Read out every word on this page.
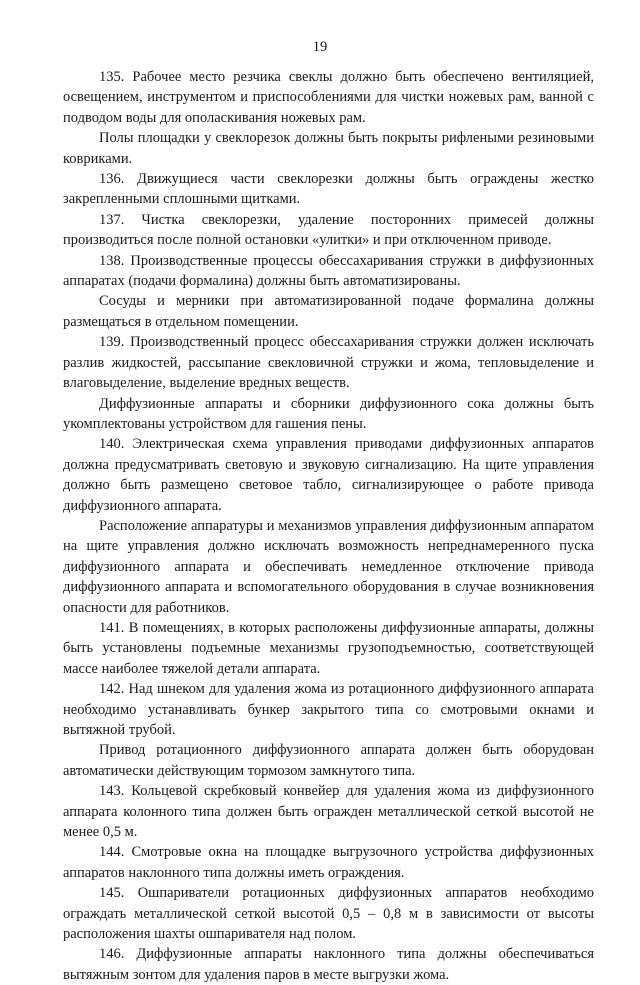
19

135. Рабочее место резчика свеклы должно быть обеспечено вентиляцией, освещением, инструментом и приспособлениями для чистки ножевых рам, ванной с подводом воды для ополаскивания ножевых рам.

Полы площадки у свеклорезок должны быть покрыты рифлеными резиновыми ковриками.

136. Движущиеся части свеклорезки должны быть ограждены жестко закрепленными сплошными щитками.

137. Чистка свеклорезки, удаление посторонних примесей должны производиться после полной остановки «улитки» и при отключенном приводе.

138. Производственные процессы обессахаривания стружки в диффузионных аппаратах (подачи формалина) должны быть автоматизированы.

Сосуды и мерники при автоматизированной подаче формалина должны размещаться в отдельном помещении.

139. Производственный процесс обессахаривания стружки должен исключать разлив жидкостей, рассыпание свекловичной стружки и жома, тепловыделение и влаговыделение, выделение вредных веществ.

Диффузионные аппараты и сборники диффузионного сока должны быть укомплектованы устройством для гашения пены.

140. Электрическая схема управления приводами диффузионных аппаратов должна предусматривать световую и звуковую сигнализацию. На щите управления должно быть размещено световое табло, сигнализирующее о работе привода диффузионного аппарата.

Расположение аппаратуры и механизмов управления диффузионным аппаратом на щите управления должно исключать возможность непреднамеренного пуска диффузионного аппарата и обеспечивать немедленное отключение привода диффузионного аппарата и вспомогательного оборудования в случае возникновения опасности для работников.

141. В помещениях, в которых расположены диффузионные аппараты, должны быть установлены подъемные механизмы грузоподъемностью, соответствующей массе наиболее тяжелой детали аппарата.

142. Над шнеком для удаления жома из ротационного диффузионного аппарата необходимо устанавливать бункер закрытого типа со смотровыми окнами и вытяжной трубой.

Привод ротационного диффузионного аппарата должен быть оборудован автоматически действующим тормозом замкнутого типа.

143. Кольцевой скребковый конвейер для удаления жома из диффузионного аппарата колонного типа должен быть огражден металлической сеткой высотой не менее 0,5 м.

144. Смотровые окна на площадке выгрузочного устройства диффузионных аппаратов наклонного типа должны иметь ограждения.

145. Ошпариватели ротационных диффузионных аппаратов необходимо ограждать металлической сеткой высотой 0,5 – 0,8 м в зависимости от высоты расположения шахты ошпаривателя над полом.

146. Диффузионные аппараты наклонного типа должны обеспечиваться вытяжным зонтом для удаления паров в месте выгрузки жома.
